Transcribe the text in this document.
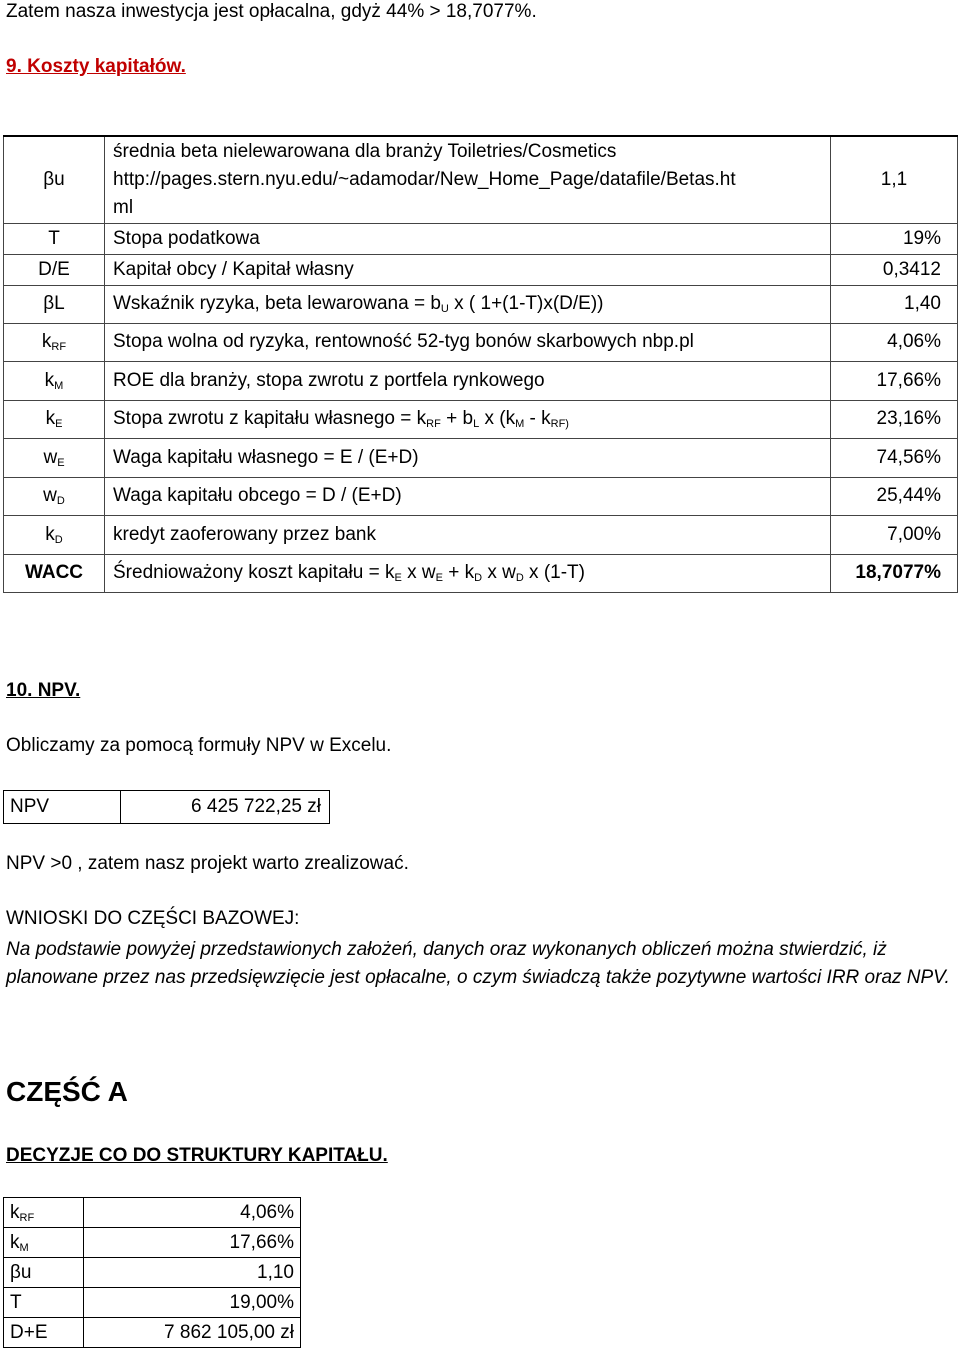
Zatem nasza inwestycja jest opłacalna, gdyż 44% > 18,7077%.
9. Koszty kapitałów.
βu	średnia beta nielewarowana dla branży Toiletries/Cosmetics
http://pages.stern.nyu.edu/~adamodar/New_Home_Page/datafile/Betas.ht
ml	1,1
T	Stopa podatkowa	19%
D/E	Kapitał obcy / Kapitał własny	0,3412
βL	Wskaźnik ryzyka, beta lewarowana = $b_U$ x ( 1+(1-T)x(D/E))	1,40
$k_{RF}$	Stopa wolna od ryzyka, rentowność 52-tyg bonów skarbowych nbp.pl	4,06%
$k_M$	ROE dla branży, stopa zwrotu z portfela rynkowego	17,66%
$k_E$	Stopa zwrotu z kapitału własnego = $k_{RF} + b_L$ x ($k_M - k_{RF)}$	23,16%
$w_E$	Waga kapitału własnego = E / (E+D)	74,56%
$w_D$	Waga kapitału obcego = D / (E+D)	25,44%
$k_D$	kredyt zaoferowany przez bank	7,00%
WACC	Średnioważony koszt kapitału = $k_E$ x $w_E + k_D$ x $w_D$ x (1-T)	18,7077%
10. NPV.
Obliczamy za pomocą formuły NPV w Excelu.
NPV	6 425 722,25 zł
NPV >0 , zatem nasz projekt warto zrealizować.
WNIOSKI DO CZĘŚCI BAZOWEJ:
Na podstawie powyżej przedstawionych założeń, danych oraz wykonanych obliczeń można stwierdzić, iż planowane przez nas przedsięwzięcie jest opłacalne, o czym świadczą także pozytywne wartości IRR oraz NPV.
CZĘŚĆ A
DECYZJE CO DO STRUKTURY KAPITAŁU.
$k_{RF}$	4,06%
$k_M$	17,66%
βu	1,10
T	19,00%
D+E	7 862 105,00 zł
